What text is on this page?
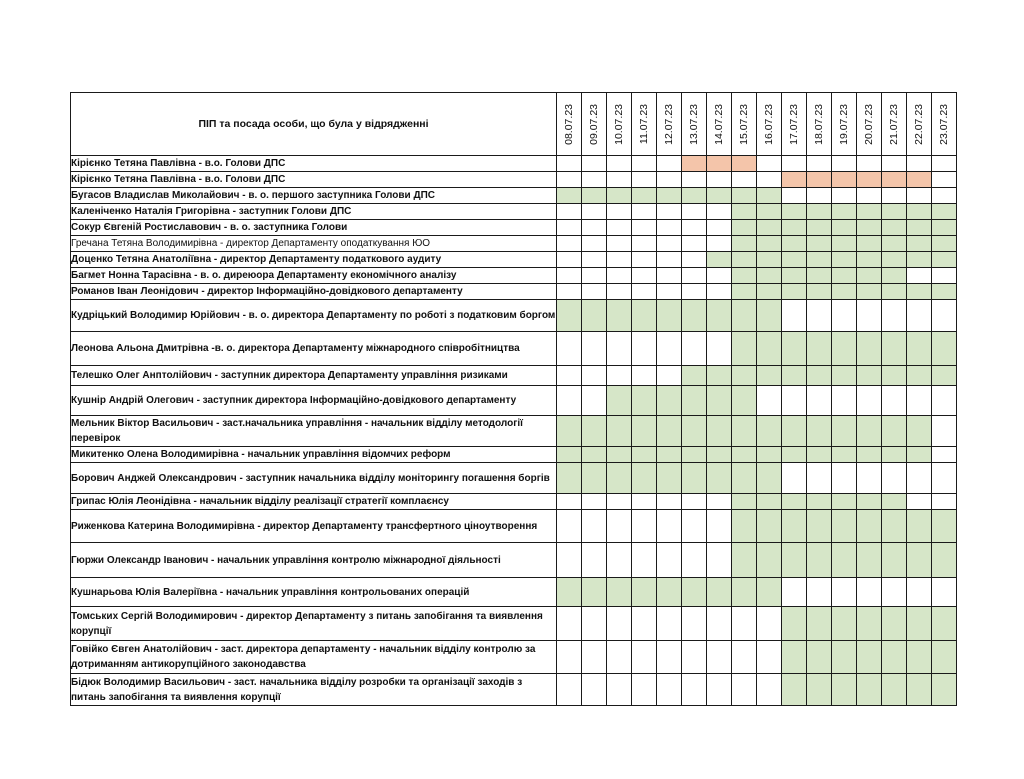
ПІП та посада особи, що була у відрядженні	08.07.23	09.07.23	10.07.23	11.07.23	12.07.23	13.07.23	14.07.23	15.07.23	16.07.23	17.07.23	18.07.23	19.07.23	20.07.23	21.07.23	22.07.23	23.07.23

Кірієнко Тетяна Павлівна - в.о. Голови ДПС																
Кірієнко Тетяна Павлівна - в.о. Голови ДПС																
Бугасов Владислав Миколайович - в. о. першого заступника Голови ДПС																
Каленіченко Наталія Григорівна - заступник Голови ДПС																
Сокур Євгеній Ростиславович - в. о. заступника Голови																
Гречана Тетяна Володимирівна - директор Департаменту оподаткування ЮО																
Доценко Тетяна Анатоліївна - директор Департаменту податкового аудиту																
Багмет Нонна Тарасівна - в. о. диреюора Департаменту економічного аналізу																
Романов Іван Леонідович - директор Інформаційно-довідкового департаменту																
Кудріцький Володимир Юрійович - в. о. директора Департаменту по роботі з податковим боргом																
Леонова Альона Дмитрівна -в. о. директора Департаменту міжнародного співробітництва																
Телешко Олег Анптолійович - заступник директора Департаменту управління ризиками																
Кушнір Андрій Олегович - заступник директора Інформаційно-довідкового департаменту																
Мельник Віктор Васильович - заст.начальника управління - начальник відділу методології перевірок																
Микитенко Олена Володимирівна - начальник управління відомчих реформ																
Борович Анджей Олександрович - заступник начальника відділу моніторингу погашення боргів																
Грипас Юлія Леонідівна - начальник відділу реалізації стратегії комплаєнсу																
Риженкова Катерина Володимирівна - директор Департаменту трансфертного ціноутворення																
Гюржи Олександр Іванович - начальник управління контролю міжнародної діяльності																
Кушнарьова Юлія Валеріївна - начальник управління контрольованих операцій																
Томських Сергій Володимирович - директор Департаменту з питань запобігання та виявлення корупції																
Говійко Євген Анатолійович - заст. директора департаменту - начальник відділу контролю за дотриманням антикорупційного законодавства																
Бідюк Володимир Васильович - заст. начальника відділу розробки та організації заходів з питань запобігання та виявлення корупції																
